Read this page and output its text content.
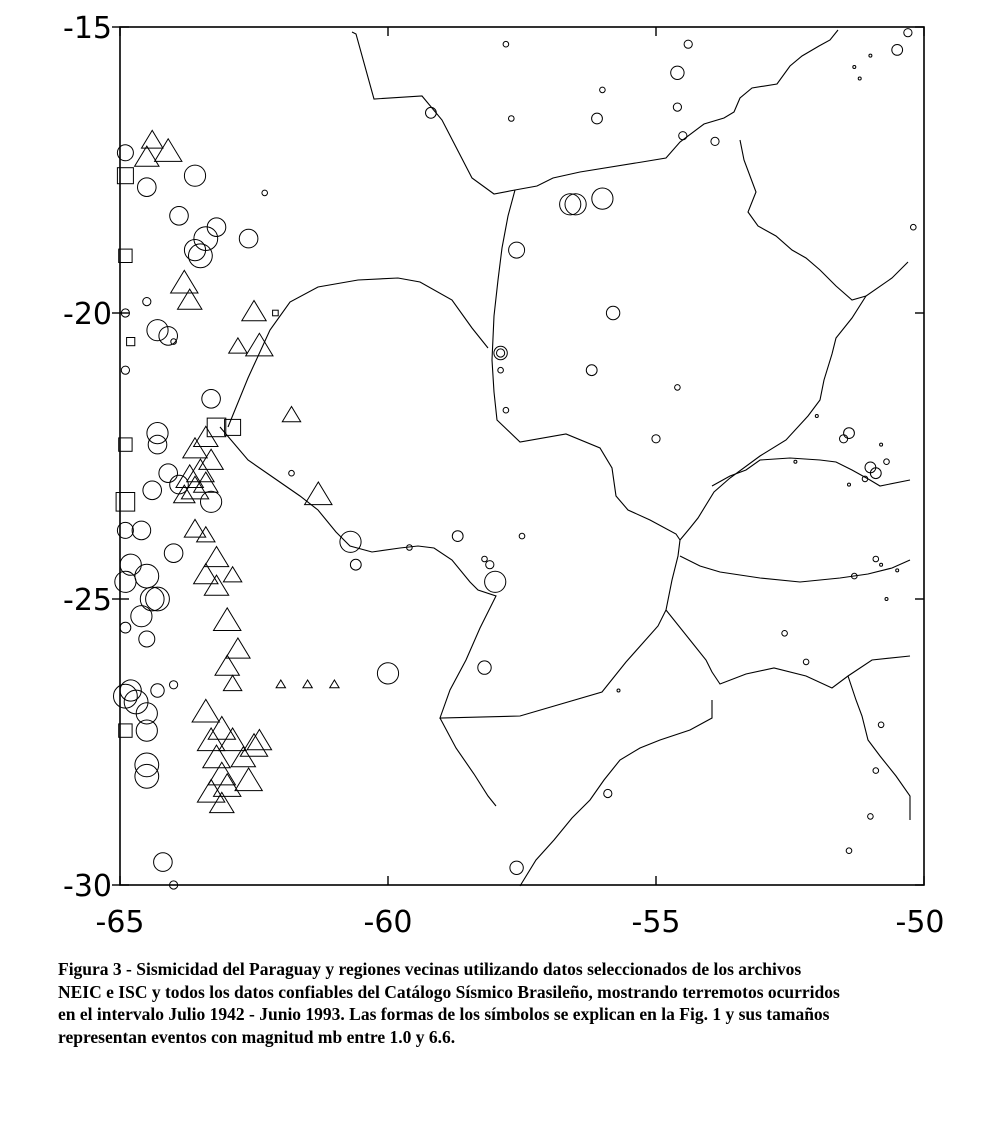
-65	-60	-55	-50
-15
-20
-25
-30

Figura 3 - Sismicidad del Paraguay y regiones vecinas utilizando datos seleccionados de los archivos
NEIC e ISC y todos los datos confiables del Catálogo Sísmico Brasileño, mostrando terremotos ocurridos
en el intervalo Julio 1942 - Junio 1993. Las formas de los símbolos se explican en la Fig. 1 y sus tamaños
representan eventos con magnitud mb entre 1.0 y 6.6.
